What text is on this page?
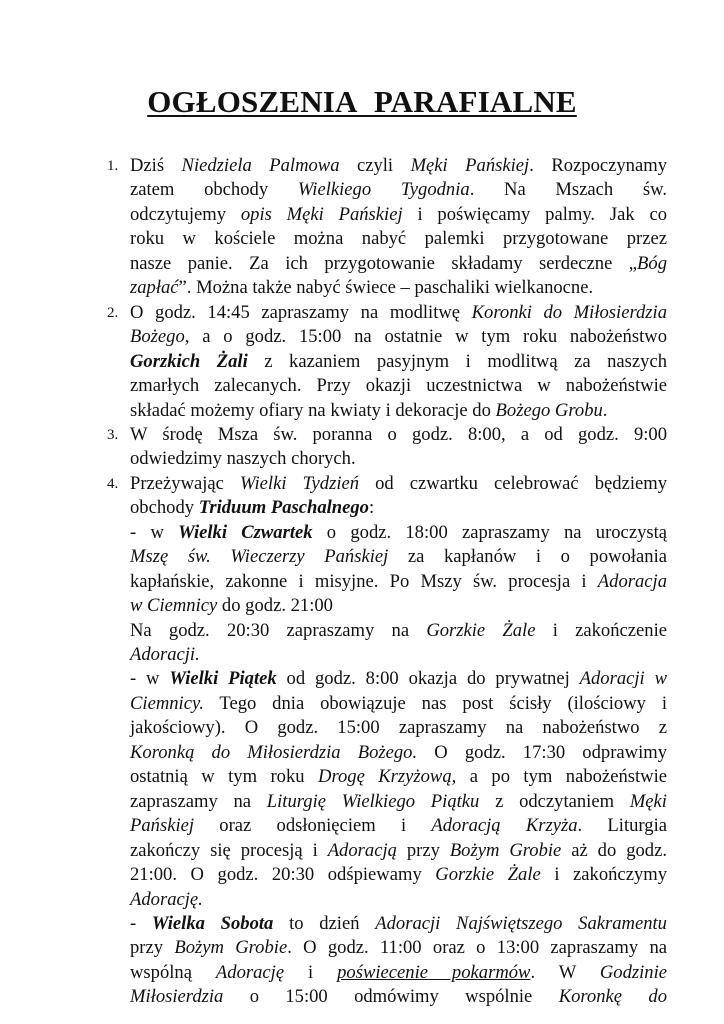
OGŁOSZENIA PARAFIALNE
1. Dziś Niedziela Palmowa czyli Męki Pańskiej. Rozpoczynamy
zatem obchody Wielkiego Tygodnia. Na Mszach św.
odczytujemy opis Męki Pańskiej i poświęcamy palmy. Jak co
roku w kościele można nabyć palemki przygotowane przez
nasze panie. Za ich przygotowanie składamy serdeczne „Bóg
zapłać”. Można także nabyć świece – paschaliki wielkanocne.
2. O godz. 14:45 zapraszamy na modlitwę Koronki do Miłosierdzia
Bożego, a o godz. 15:00 na ostatnie w tym roku nabożeństwo
Gorzkich Żali z kazaniem pasyjnym i modlitwą za naszych
zmarłych zalecanych. Przy okazji uczestnictwa w nabożeństwie
składać możemy ofiary na kwiaty i dekoracje do Bożego Grobu.
3. W środę Msza św. poranna o godz. 8:00, a od godz. 9:00
odwiedzimy naszych chorych.
4. Przeżywając Wielki Tydzień od czwartku celebrować będziemy
obchody Triduum Paschalnego:
- w Wielki Czwartek o godz. 18:00 zapraszamy na uroczystą
Mszę św. Wieczerzy Pańskiej za kapłanów i o powołania
kapłańskie, zakonne i misyjne. Po Mszy św. procesja i Adoracja
w Ciemnicy do godz. 21:00
Na godz. 20:30 zapraszamy na Gorzkie Żale i zakończenie
Adoracji.
- w Wielki Piątek od godz. 8:00 okazja do prywatnej Adoracji w
Ciemnicy. Tego dnia obowiązuje nas post ścisły (ilościowy i
jakościowy). O godz. 15:00 zapraszamy na nabożeństwo z
Koronką do Miłosierdzia Bożego. O godz. 17:30 odprawimy
ostatnią w tym roku Drogę Krzyżową, a po tym nabożeństwie
zapraszamy na Liturgię Wielkiego Piątku z odczytaniem Męki
Pańskiej oraz odsłonięciem i Adoracją Krzyża. Liturgia
zakończy się procesją i Adoracją przy Bożym Grobie aż do godz.
21:00. O godz. 20:30 odśpiewamy Gorzkie Żale i zakończymy
Adorację.
- Wielka Sobota to dzień Adoracji Najświętszego Sakramentu
przy Bożym Grobie. O godz. 11:00 oraz o 13:00 zapraszamy na
wspólną Adorację i poświecenie pokarmów. W Godzinie
Miłosierdzia o 15:00 odmówimy wspólnie Koronkę do
